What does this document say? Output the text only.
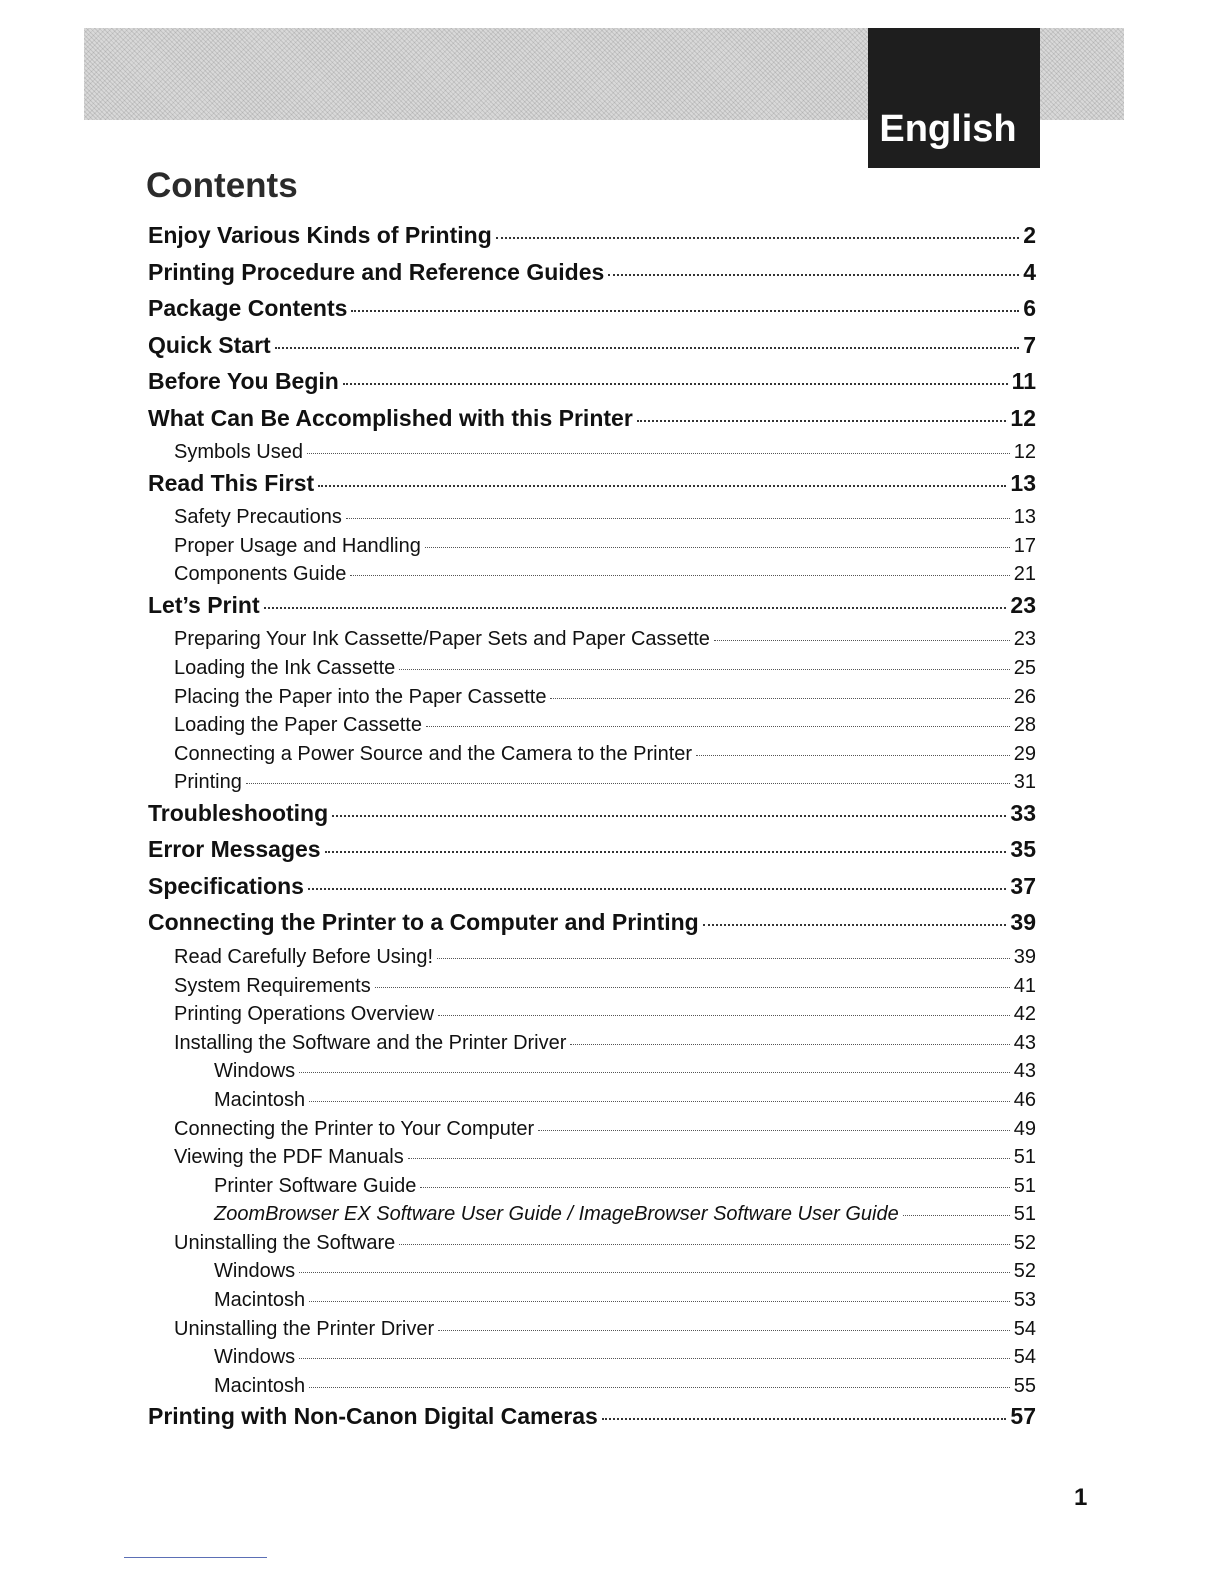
English
Contents
Enjoy Various Kinds of Printing	2
Printing Procedure and Reference Guides	4
Package Contents	6
Quick Start	7
Before You Begin	11
What Can Be Accomplished with this Printer	12
Symbols Used	12
Read This First	13
Safety Precautions	13
Proper Usage and Handling	17
Components Guide	21
Let’s Print	23
Preparing Your Ink Cassette/Paper Sets and Paper Cassette	23
Loading the Ink Cassette	25
Placing the Paper into the Paper Cassette	26
Loading the Paper Cassette	28
Connecting a Power Source and the Camera to the Printer	29
Printing	31
Troubleshooting	33
Error Messages	35
Specifications	37
Connecting the Printer to a Computer and Printing	39
Read Carefully Before Using!	39
System Requirements	41
Printing Operations Overview	42
Installing the Software and the Printer Driver	43
Windows	43
Macintosh	46
Connecting the Printer to Your Computer	49
Viewing the PDF Manuals	51
Printer Software Guide	51
ZoomBrowser EX Software User Guide / ImageBrowser Software User Guide	51
Uninstalling the Software	52
Windows	52
Macintosh	53
Uninstalling the Printer Driver	54
Windows	54
Macintosh	55
Printing with Non-Canon Digital Cameras	57
1
